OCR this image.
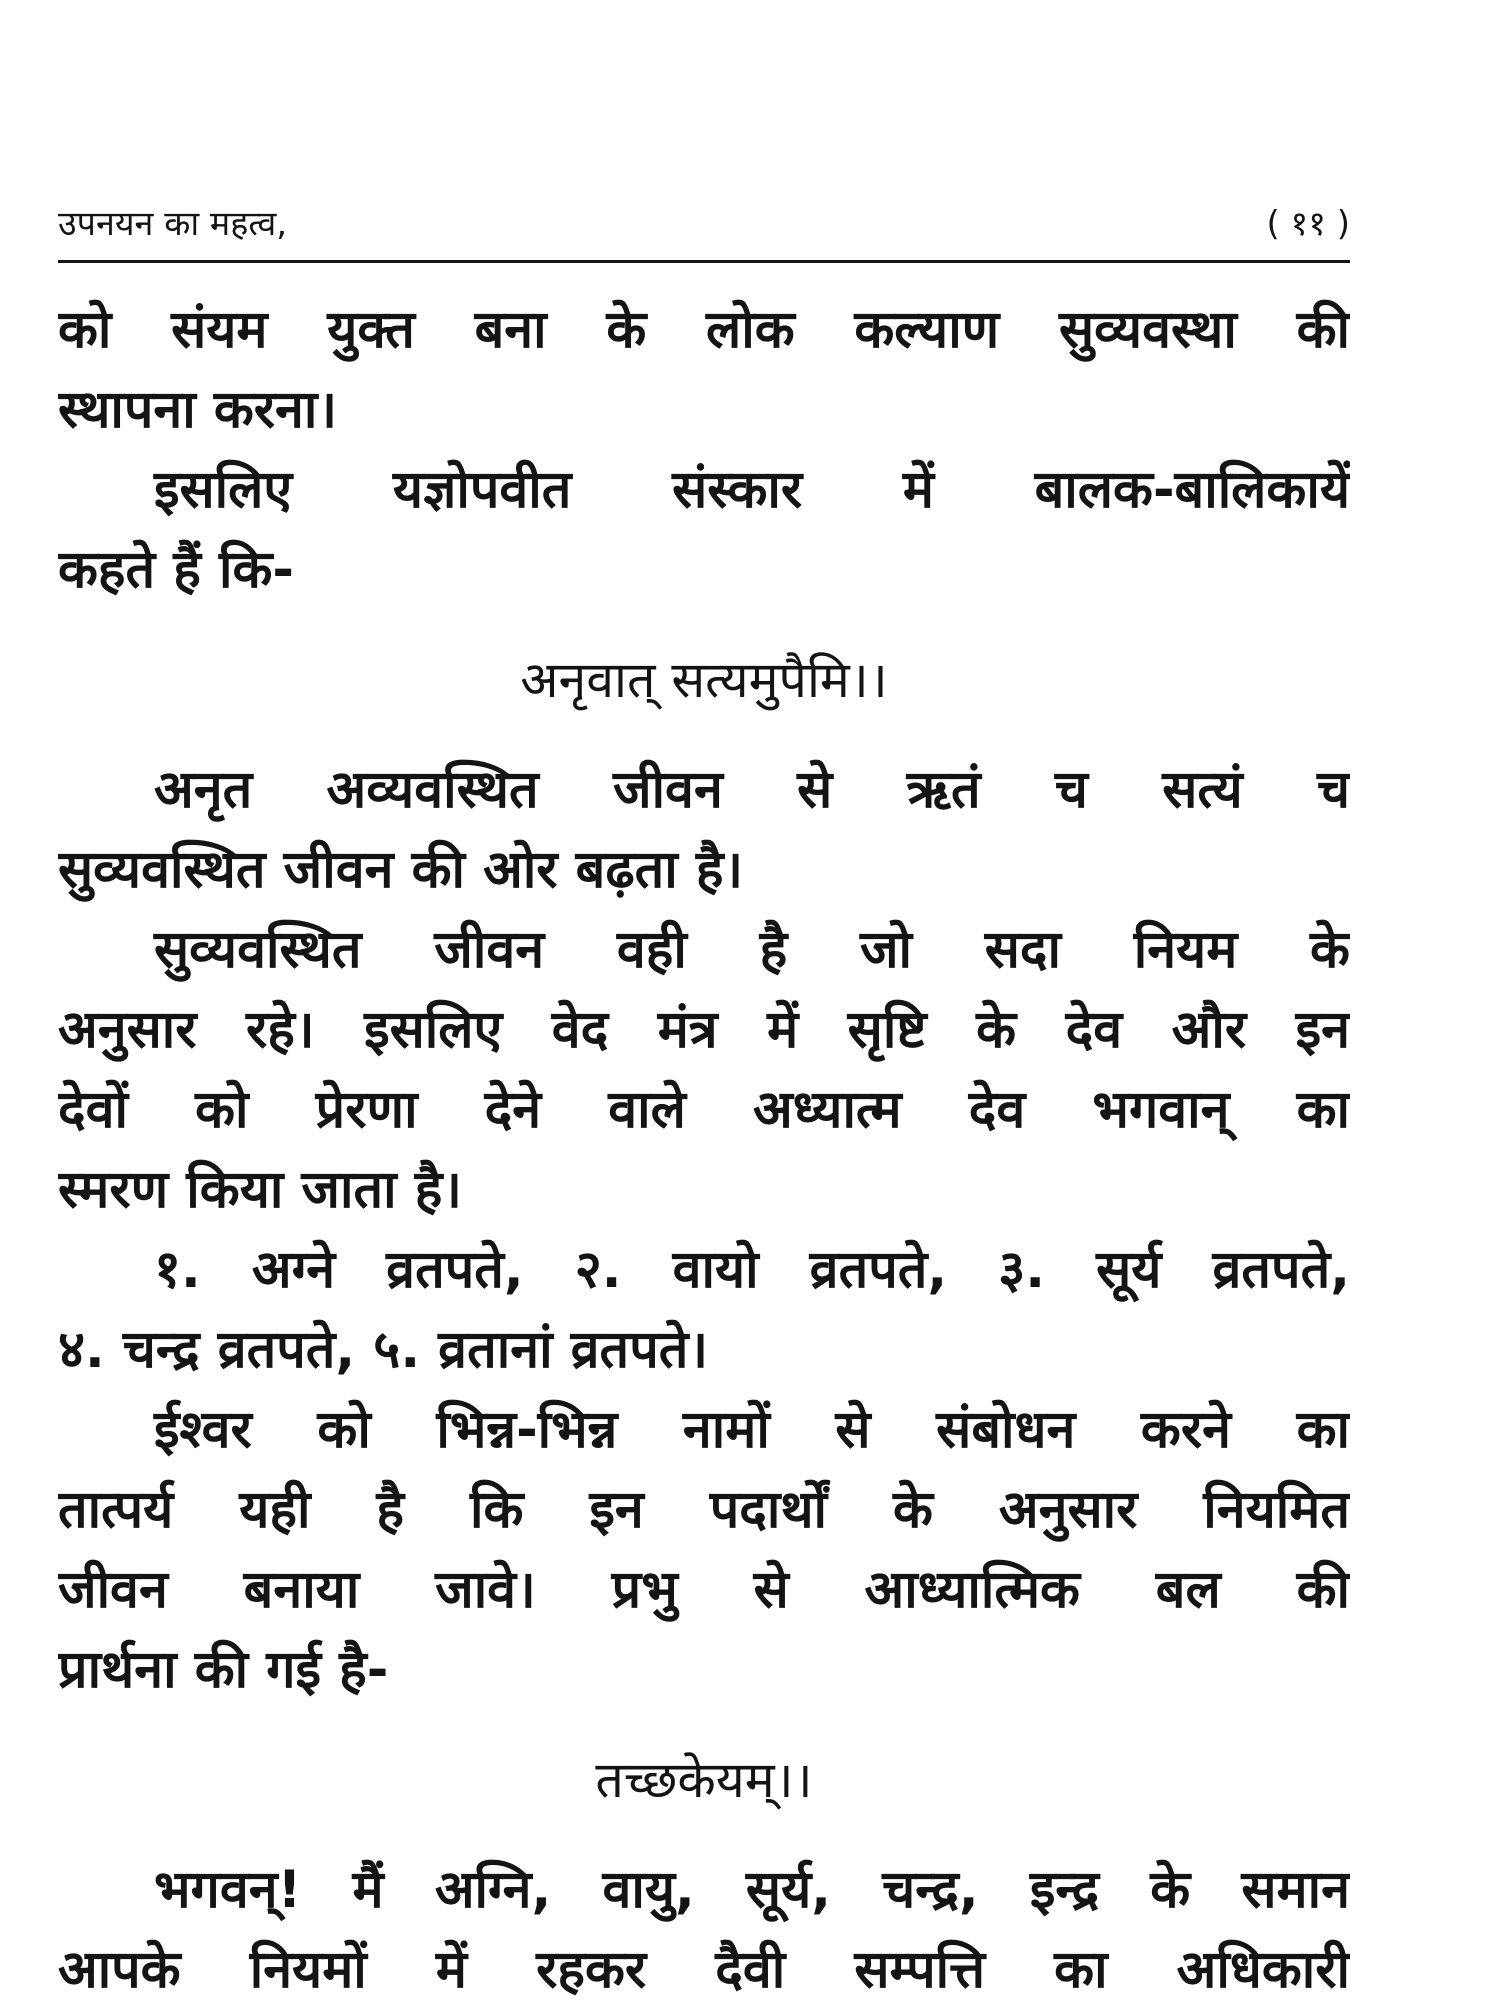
उपनयन का महत्व,	( ११ )
को संयम युक्त बना के लोक कल्याण सुव्यवस्था की
स्थापना करना।
इसलिए यज्ञोपवीत संस्कार में बालक-बालिकायें
कहते हैं कि-
अनृवात् सत्यमुपैमि।।
अनृत अव्यवस्थित जीवन से ऋतं च सत्यं च
सुव्यवस्थित जीवन की ओर बढ़ता है।
सुव्यवस्थित जीवन वही है जो सदा नियम के
अनुसार रहे। इसलिए वेद मंत्र में सृष्टि के देव और इन
देवों को प्रेरणा देने वाले अध्यात्म देव भगवान् का
स्मरण किया जाता है।
१. अग्ने व्रतपते, २. वायो व्रतपते, ३. सूर्य व्रतपते,
४. चन्द्र व्रतपते, ५. व्रतानां व्रतपते।
ईश्वर को भिन्न-भिन्न नामों से संबोधन करने का
तात्पर्य यही है कि इन पदार्थों के अनुसार नियमित
जीवन बनाया जावे। प्रभु से आध्यात्मिक बल की
प्रार्थना की गई है-
तच्छकेयम्।।
भगवन्! मैं अग्नि, वायु, सूर्य, चन्द्र, इन्द्र के समान
आपके नियमों में रहकर दैवी सम्पत्ति का अधिकारी
